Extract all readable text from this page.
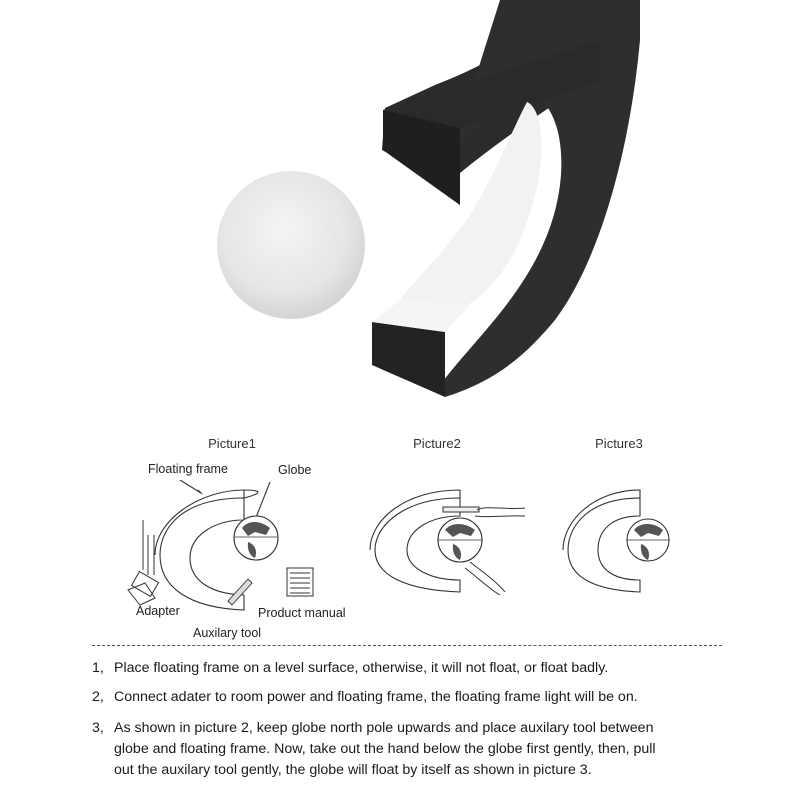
Picture1	Picture2	Picture3
Floating frame	Globe
Adapter	Product manual
Auxilary tool
1, Place floating frame on a level surface, otherwise, it will not float, or float badly.
2, Connect adater to room power and floating frame, the floating frame light will be on.
3, As shown in picture 2, keep globe north pole upwards and place auxilary tool between
globe and floating frame. Now, take out the hand below the globe first gently, then, pull
out the auxilary tool gently, the globe will float by itself as shown in picture 3.
